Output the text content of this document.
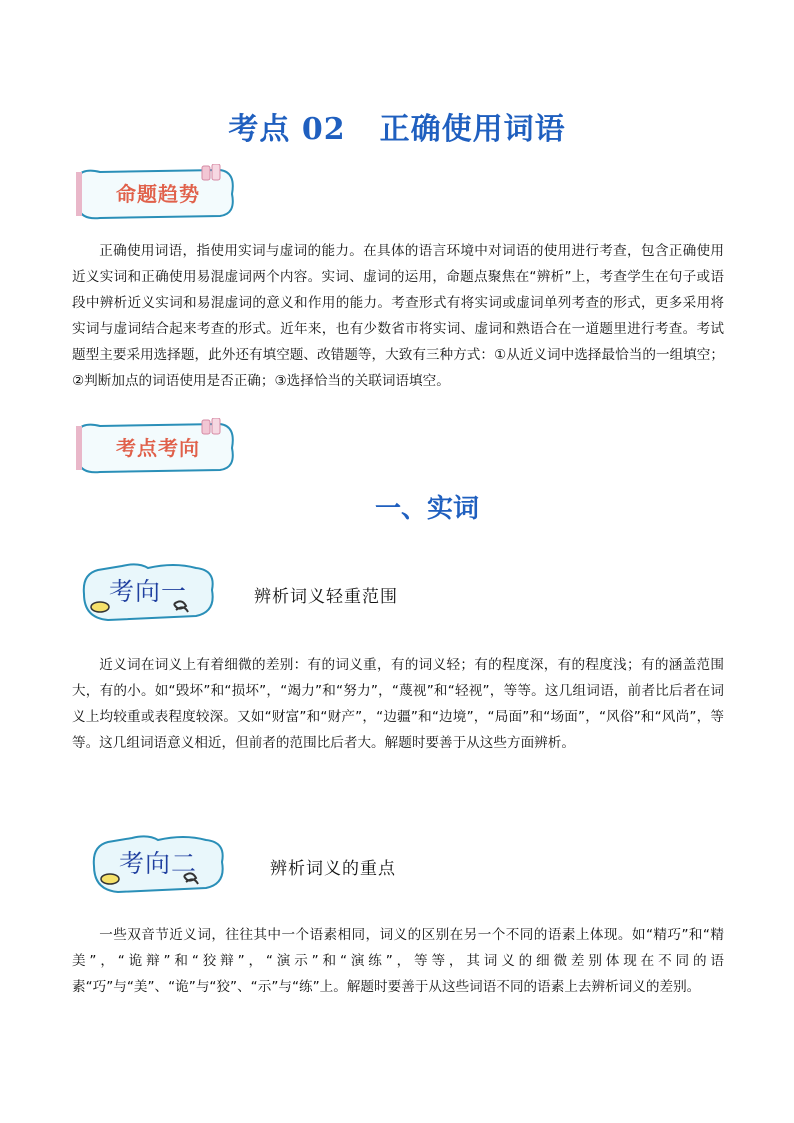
考点 02 正确使用词语
命题趋势
正确使用词语，指使用实词与虚词的能力。在具体的语言环境中对词语的使用进行考查，包含正确使用近义实词和正确使用易混虚词两个内容。实词、虚词的运用，命题点聚焦在“辨析”上，考查学生在句子或语段中辨析近义实词和易混虚词的意义和作用的能力。考查形式有将实词或虚词单列考查的形式，更多采用将实词与虚词结合起来考查的形式。近年来，也有少数省市将实词、虚词和熟语合在一道题里进行考查。考试题型主要采用选择题，此外还有填空题、改错题等，大致有三种方式：①从近义词中选择最恰当的一组填空；②判断加点的词语使用是否正确；③选择恰当的关联词语填空。
考点考向
一、实词
考向一	辨析词义轻重范围
近义词在词义上有着细微的差别：有的词义重，有的词义轻；有的程度深，有的程度浅；有的涵盖范围大，有的小。如“毁坏”和“损坏”，“竭力”和“努力”，“蔑视”和“轻视”，等等。这几组词语，前者比后者在词义上均较重或表程度较深。又如“财富”和“财产”，“边疆”和“边境”，“局面”和“场面”，“风俗”和“风尚”，等等。这几组词语意义相近，但前者的范围比后者大。解题时要善于从这些方面辨析。
考向二	辨析词义的重点
一些双音节近义词，往往其中一个语素相同，词义的区别在另一个不同的语素上体现。如“精巧”和“精美”，“诡辩”和“狡辩”，“演示”和“演练”，等等，其词义的细微差别体现在不同的语素“巧”与“美”、“诡”与“狡”、“示”与“练”上。解题时要善于从这些词语不同的语素上去辨析词义的差别。
